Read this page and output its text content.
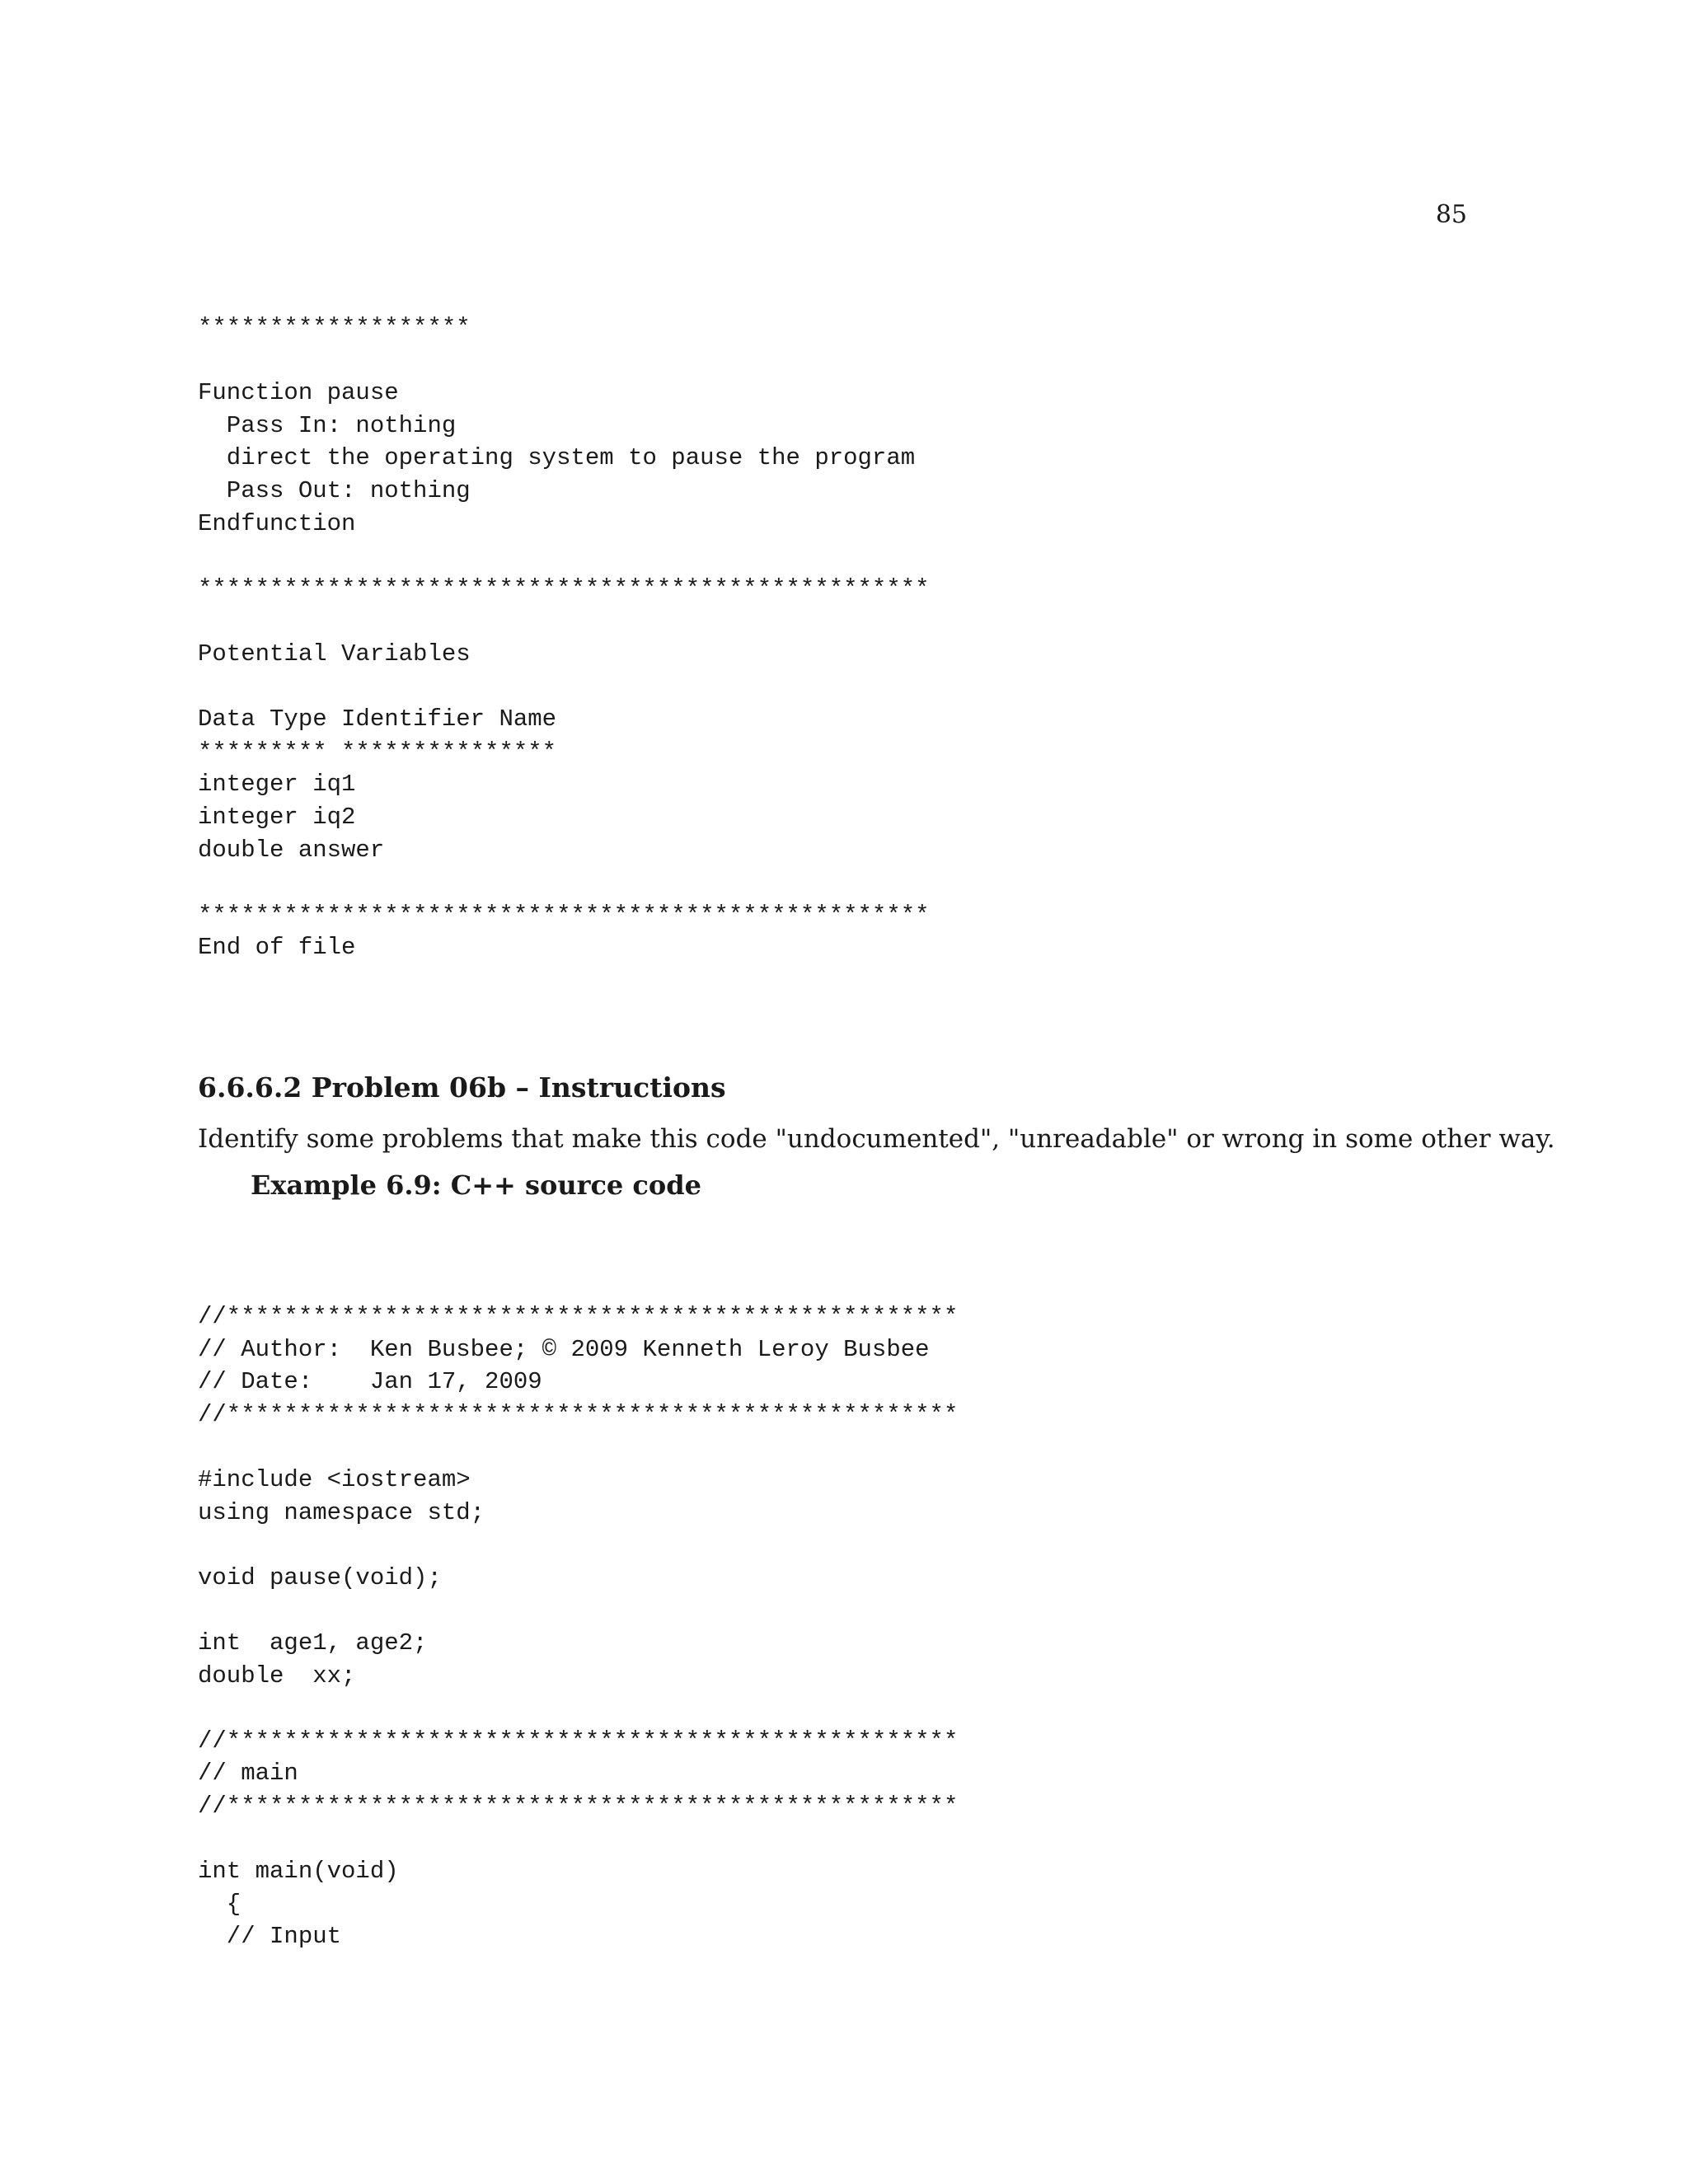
85
*******************
Function pause
Pass In: nothing
direct the operating system to pause the program
Pass Out: nothing
Endfunction
***************************************************
Potential Variables
Data Type Identifier Name
********* ***************
integer iq1
integer iq2
double answer
***************************************************
End of file
6.6.6.2 Problem 06b – Instructions

Identify some problems that make this code "undocumented", "unreadable" or wrong in some other way.

Example 6.9: C++ source code
//***************************************************
// Author:  Ken Busbee; © 2009 Kenneth Leroy Busbee
// Date:    Jan 17, 2009
//***************************************************
#include <iostream>
using namespace std;
void pause(void);
int  age1, age2;
double  xx;
//***************************************************
// main
//***************************************************
int main(void)
{
// Input
